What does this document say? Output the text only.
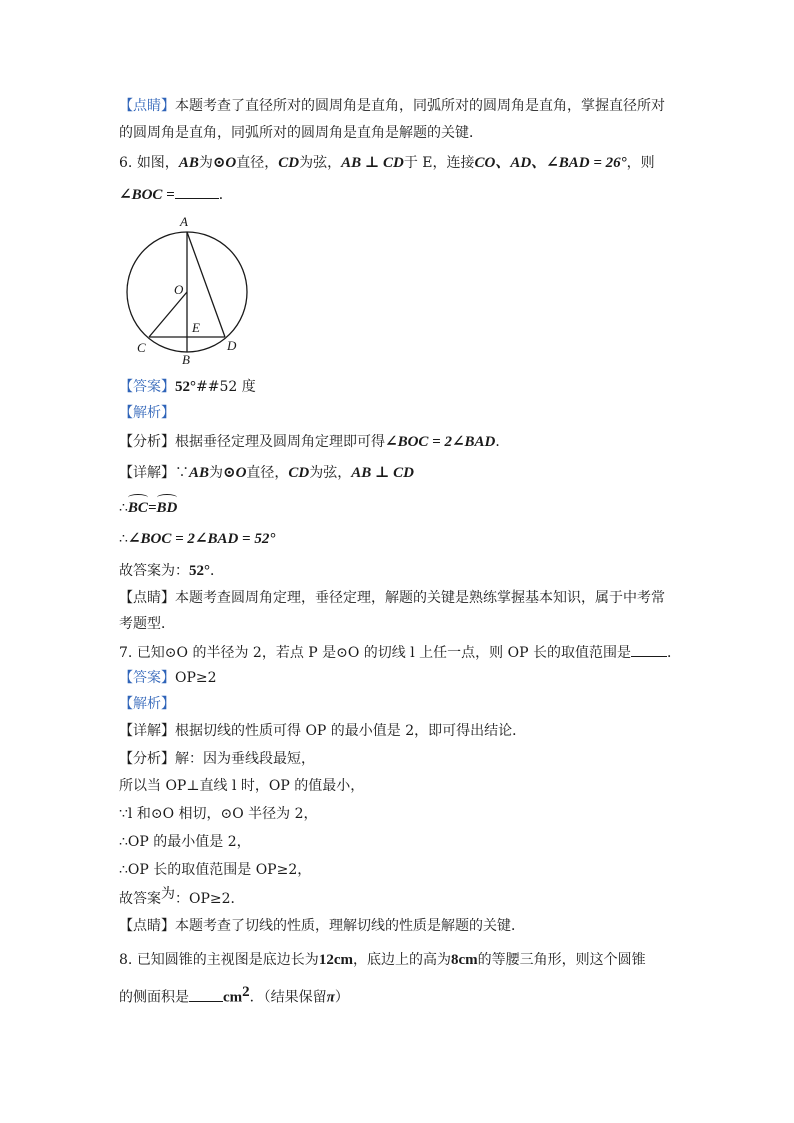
【点睛】本题考查了直径所对的圆周角是直角，同弧所对的圆周角是直角，掌握直径所对
的圆周角是直角，同弧所对的圆周角是直角是解题的关键．
6. 如图，AB为⊙O直径，CD为弦，AB ⊥ CD于 E，连接CO、AD、∠BAD = 26°，则
∠BOC =	．
A
O
E
B
C	D
【答案】52°##52 度
【解析】
【分析】根据垂径定理及圆周角定理即可得∠BOC = 2∠BAD．
【详解】∵AB为⊙O直径，CD为弦，AB ⊥ CD
∴BC=BD
∴∠BOC = 2∠BAD = 52°
故答案为：52°．
【点睛】本题考查圆周角定理，垂径定理，解题的关键是熟练掌握基本知识，属于中考常
考题型．
7. 已知⊙O 的半径为 2，若点 P 是⊙O 的切线 l 上任一点，则 OP 长的取值范围是	．
【答案】OP≥2
【解析】
【详解】根据切线的性质可得 OP 的最小值是 2，即可得出结论．
【分析】解：因为垂线段最短，
所以当 OP⊥直线 l 时，OP 的值最小，
∵l 和⊙O 相切，⊙O 半径为 2，
∴OP 的最小值是 2，
∴OP 长的取值范围是 OP≥2，
故答案为：OP≥2．
【点睛】本题考查了切线的性质，理解切线的性质是解题的关键．
8. 已知圆锥的主视图是底边长为12cm，底边上的高为8cm的等腰三角形，则这个圆锥
的侧面积是 $cm^2$．（结果保留π）
